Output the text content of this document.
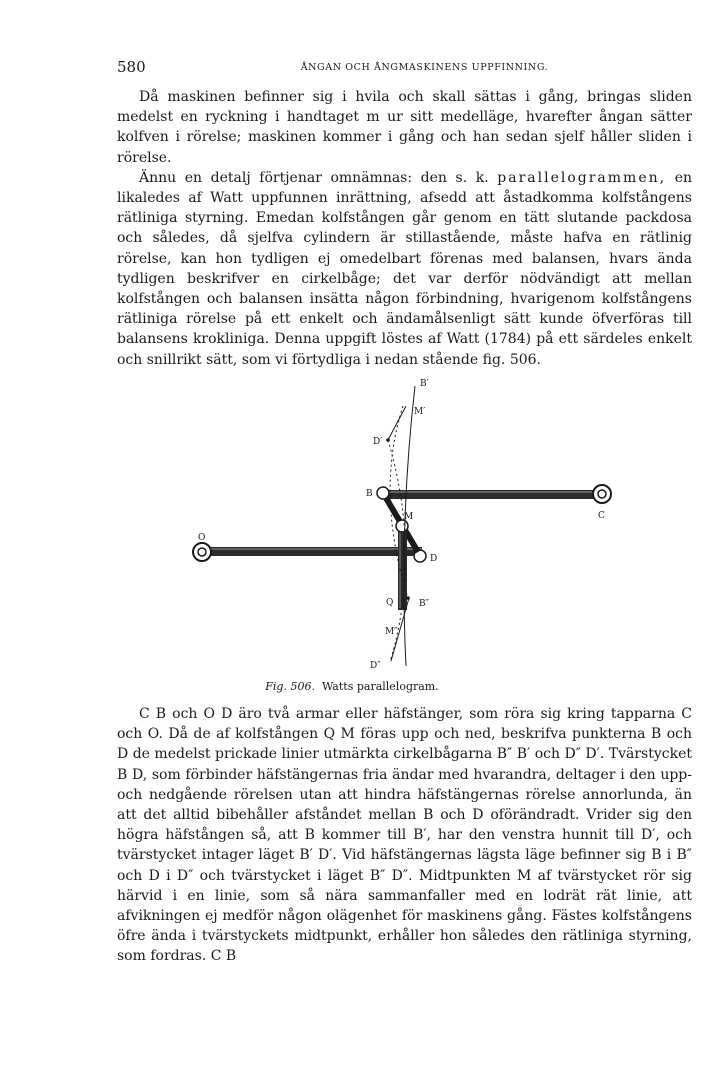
580	ÅNGAN OCH ÅNGMASKINENS UPPFINNING.

Då maskinen befinner sig i hvila och skall sättas i gång, bringas sliden medelst en ryckning i handtaget m ur sitt medelläge, hvarefter ångan sätter kolfven i rörelse; maskinen kommer i gång och han sedan sjelf håller sliden i rörelse.

Ännu en detalj förtjenar omnämnas: den s. k. parallelogrammen, en likaledes af Watt uppfunnen inrättning, afsedd att åstadkomma kolfstångens rätliniga styrning. Emedan kolfstången går genom en tätt slutande packdosa och således, då sjelfva cylindern är stillastående, måste hafva en rätlinig rörelse, kan hon tydligen ej omedelbart förenas med balansen, hvars ända tydligen beskrifver en cirkelbåge; det var derför nödvändigt att mellan kolfstången och balansen insätta någon förbindning, hvarigenom kolfstångens rätliniga rörelse på ett enkelt och ändamålsenligt sätt kunde öfverföras till balansens krokliniga. Denna uppgift löstes af Watt (1784) på ett särdeles enkelt och snillrikt sätt, som vi förtydliga i nedan stående fig. 506.

B′
M′
D′
B
M	C
O
D
Q	B″
M″
D″
Fig. 506. Watts parallelogram.

C B och O D äro två armar eller häfstänger, som röra sig kring tapparna C och O. Då de af kolfstången Q M föras upp och ned, beskrifva punkterna B och D de medelst prickade linier utmärkta cirkelbågarna B″ B′ och D″ D′. Tvärstycket B D, som förbinder häfstängernas fria ändar med hvarandra, deltager i den upp- och nedgående rörelsen utan att hindra häfstängernas rörelse annorlunda, än att det alltid bibehåller afståndet mellan B och D oförändradt. Vrider sig den högra häfstången så, att B kommer till B′, har den venstra hunnit till D′, och tvärstycket intager läget B′ D′. Vid häfstängernas lägsta läge befinner sig B i B″ och D i D″ och tvärstycket i läget B″ D″. Midtpunkten M af tvärstycket rör sig härvid i en linie, som så nära sammanfaller med en lodrät rät linie, att afvikningen ej medför någon olägenhet för maskinens gång. Fästes kolfstångens öfre ända i tvärstyckets midtpunkt, erhåller hon således den rätliniga styrning, som fordras. C B
